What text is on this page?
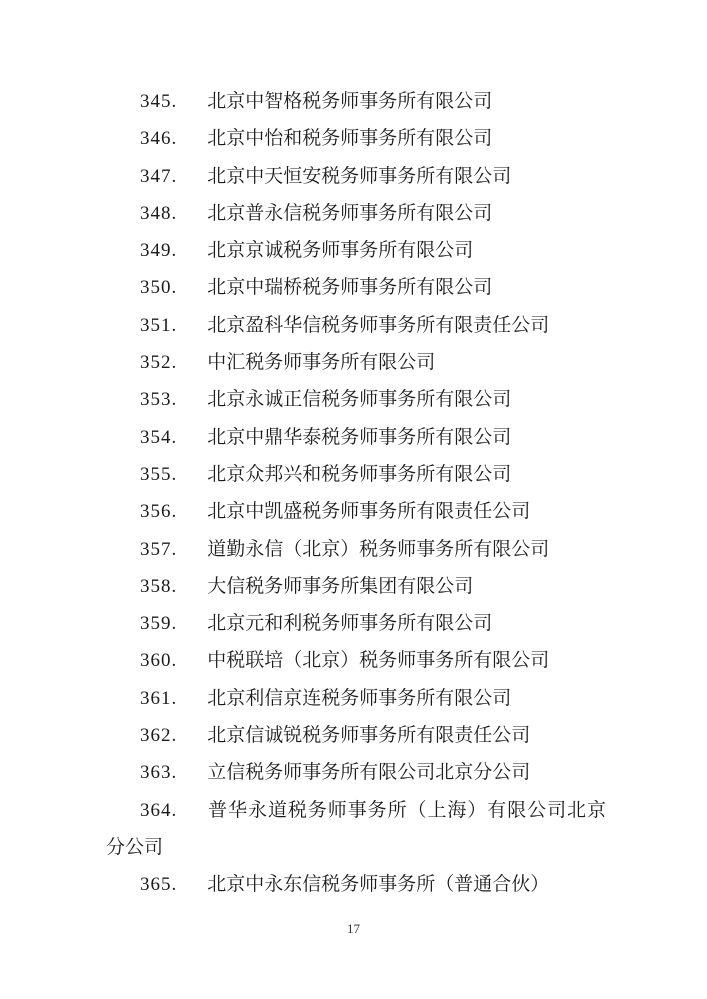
345. 北京中智格税务师事务所有限公司

346. 北京中怡和税务师事务所有限公司

347. 北京中天恒安税务师事务所有限公司

348. 北京普永信税务师事务所有限公司

349. 北京京诚税务师事务所有限公司

350. 北京中瑞桥税务师事务所有限公司

351. 北京盈科华信税务师事务所有限责任公司

352. 中汇税务师事务所有限公司

353. 北京永诚正信税务师事务所有限公司

354. 北京中鼎华泰税务师事务所有限公司

355. 北京众邦兴和税务师事务所有限公司

356. 北京中凯盛税务师事务所有限责任公司

357. 道勤永信（北京）税务师事务所有限公司

358. 大信税务师事务所集团有限公司

359. 北京元和利税务师事务所有限公司

360. 中税联培（北京）税务师事务所有限公司

361. 北京利信京连税务师事务所有限公司

362. 北京信诚锐税务师事务所有限责任公司

363. 立信税务师事务所有限公司北京分公司

364. 普华永道税务师事务所（上海）有限公司北京分公司

365. 北京中永东信税务师事务所（普通合伙）

17
